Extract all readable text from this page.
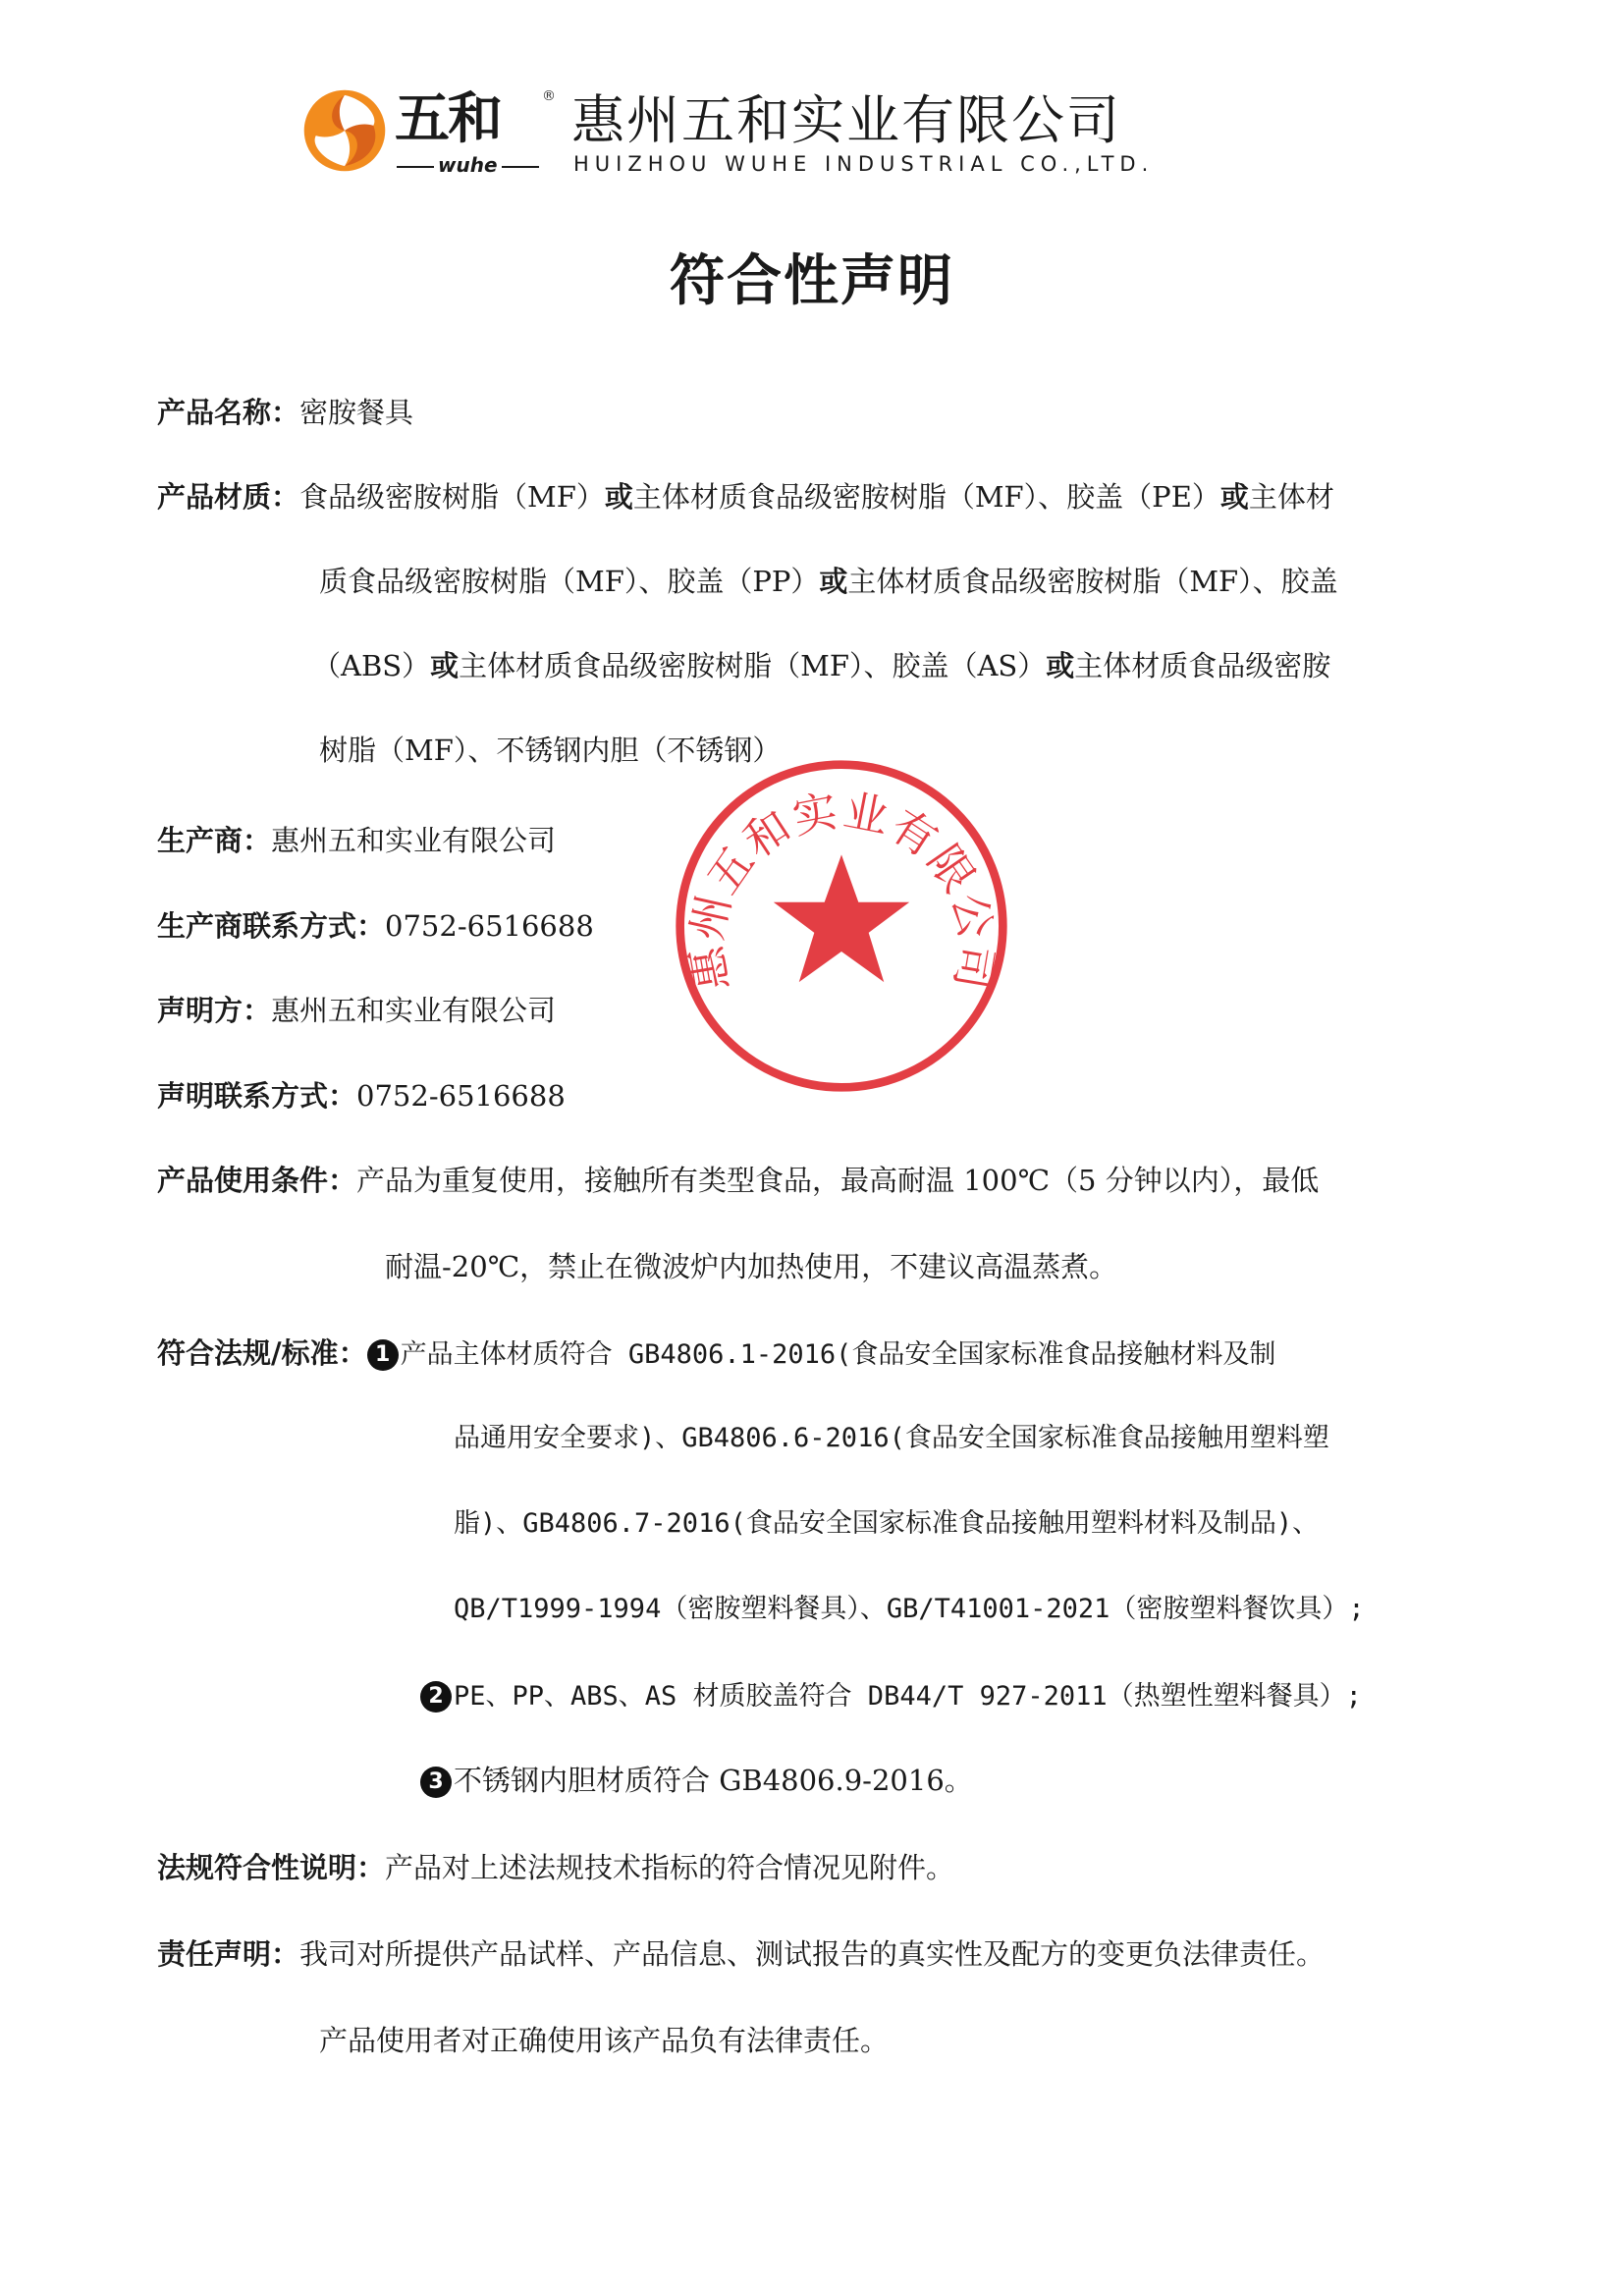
五和	®
wuhe
惠州五和实业有限公司
HUIZHOU WUHE INDUSTRIAL CO.,LTD.
符合性声明
产品名称：密胺餐具
产品材质：食品级密胺树脂（MF）或主体材质食品级密胺树脂（MF）、胶盖（PE）或主体材
质食品级密胺树脂（MF）、胶盖（PP）或主体材质食品级密胺树脂（MF）、胶盖
（ABS）或主体材质食品级密胺树脂（MF）、胶盖（AS）或主体材质食品级密胺
树脂（MF）、不锈钢内胆（不锈钢）
生产商：惠州五和实业有限公司
生产商联系方式：0752-6516688
声明方：惠州五和实业有限公司
声明联系方式：0752-6516688
产品使用条件：产品为重复使用，接触所有类型食品，最高耐温 100℃（5 分钟以内），最低
耐温-20℃，禁止在微波炉内加热使用，不建议高温蒸煮。
符合法规/标准： 1 产品主体材质符合 GB4806.1-2016(食品安全国家标准食品接触材料及制
品通用安全要求)、GB4806.6-2016(食品安全国家标准食品接触用塑料塑
脂)、GB4806.7-2016(食品安全国家标准食品接触用塑料材料及制品)、
QB/T1999-1994（密胺塑料餐具）、GB/T41001-2021（密胺塑料餐饮具）;
2 PE、PP、ABS、AS 材质胶盖符合 DB44/T 927-2011（热塑性塑料餐具）;
3 不锈钢内胆材质符合 GB4806.9-2016。
法规符合性说明：产品对上述法规技术指标的符合情况见附件。
责任声明：我司对所提供产品试样、产品信息、测试报告的真实性及配方的变更负法律责任。
产品使用者对正确使用该产品负有法律责任。
惠州五和实业有限公司
